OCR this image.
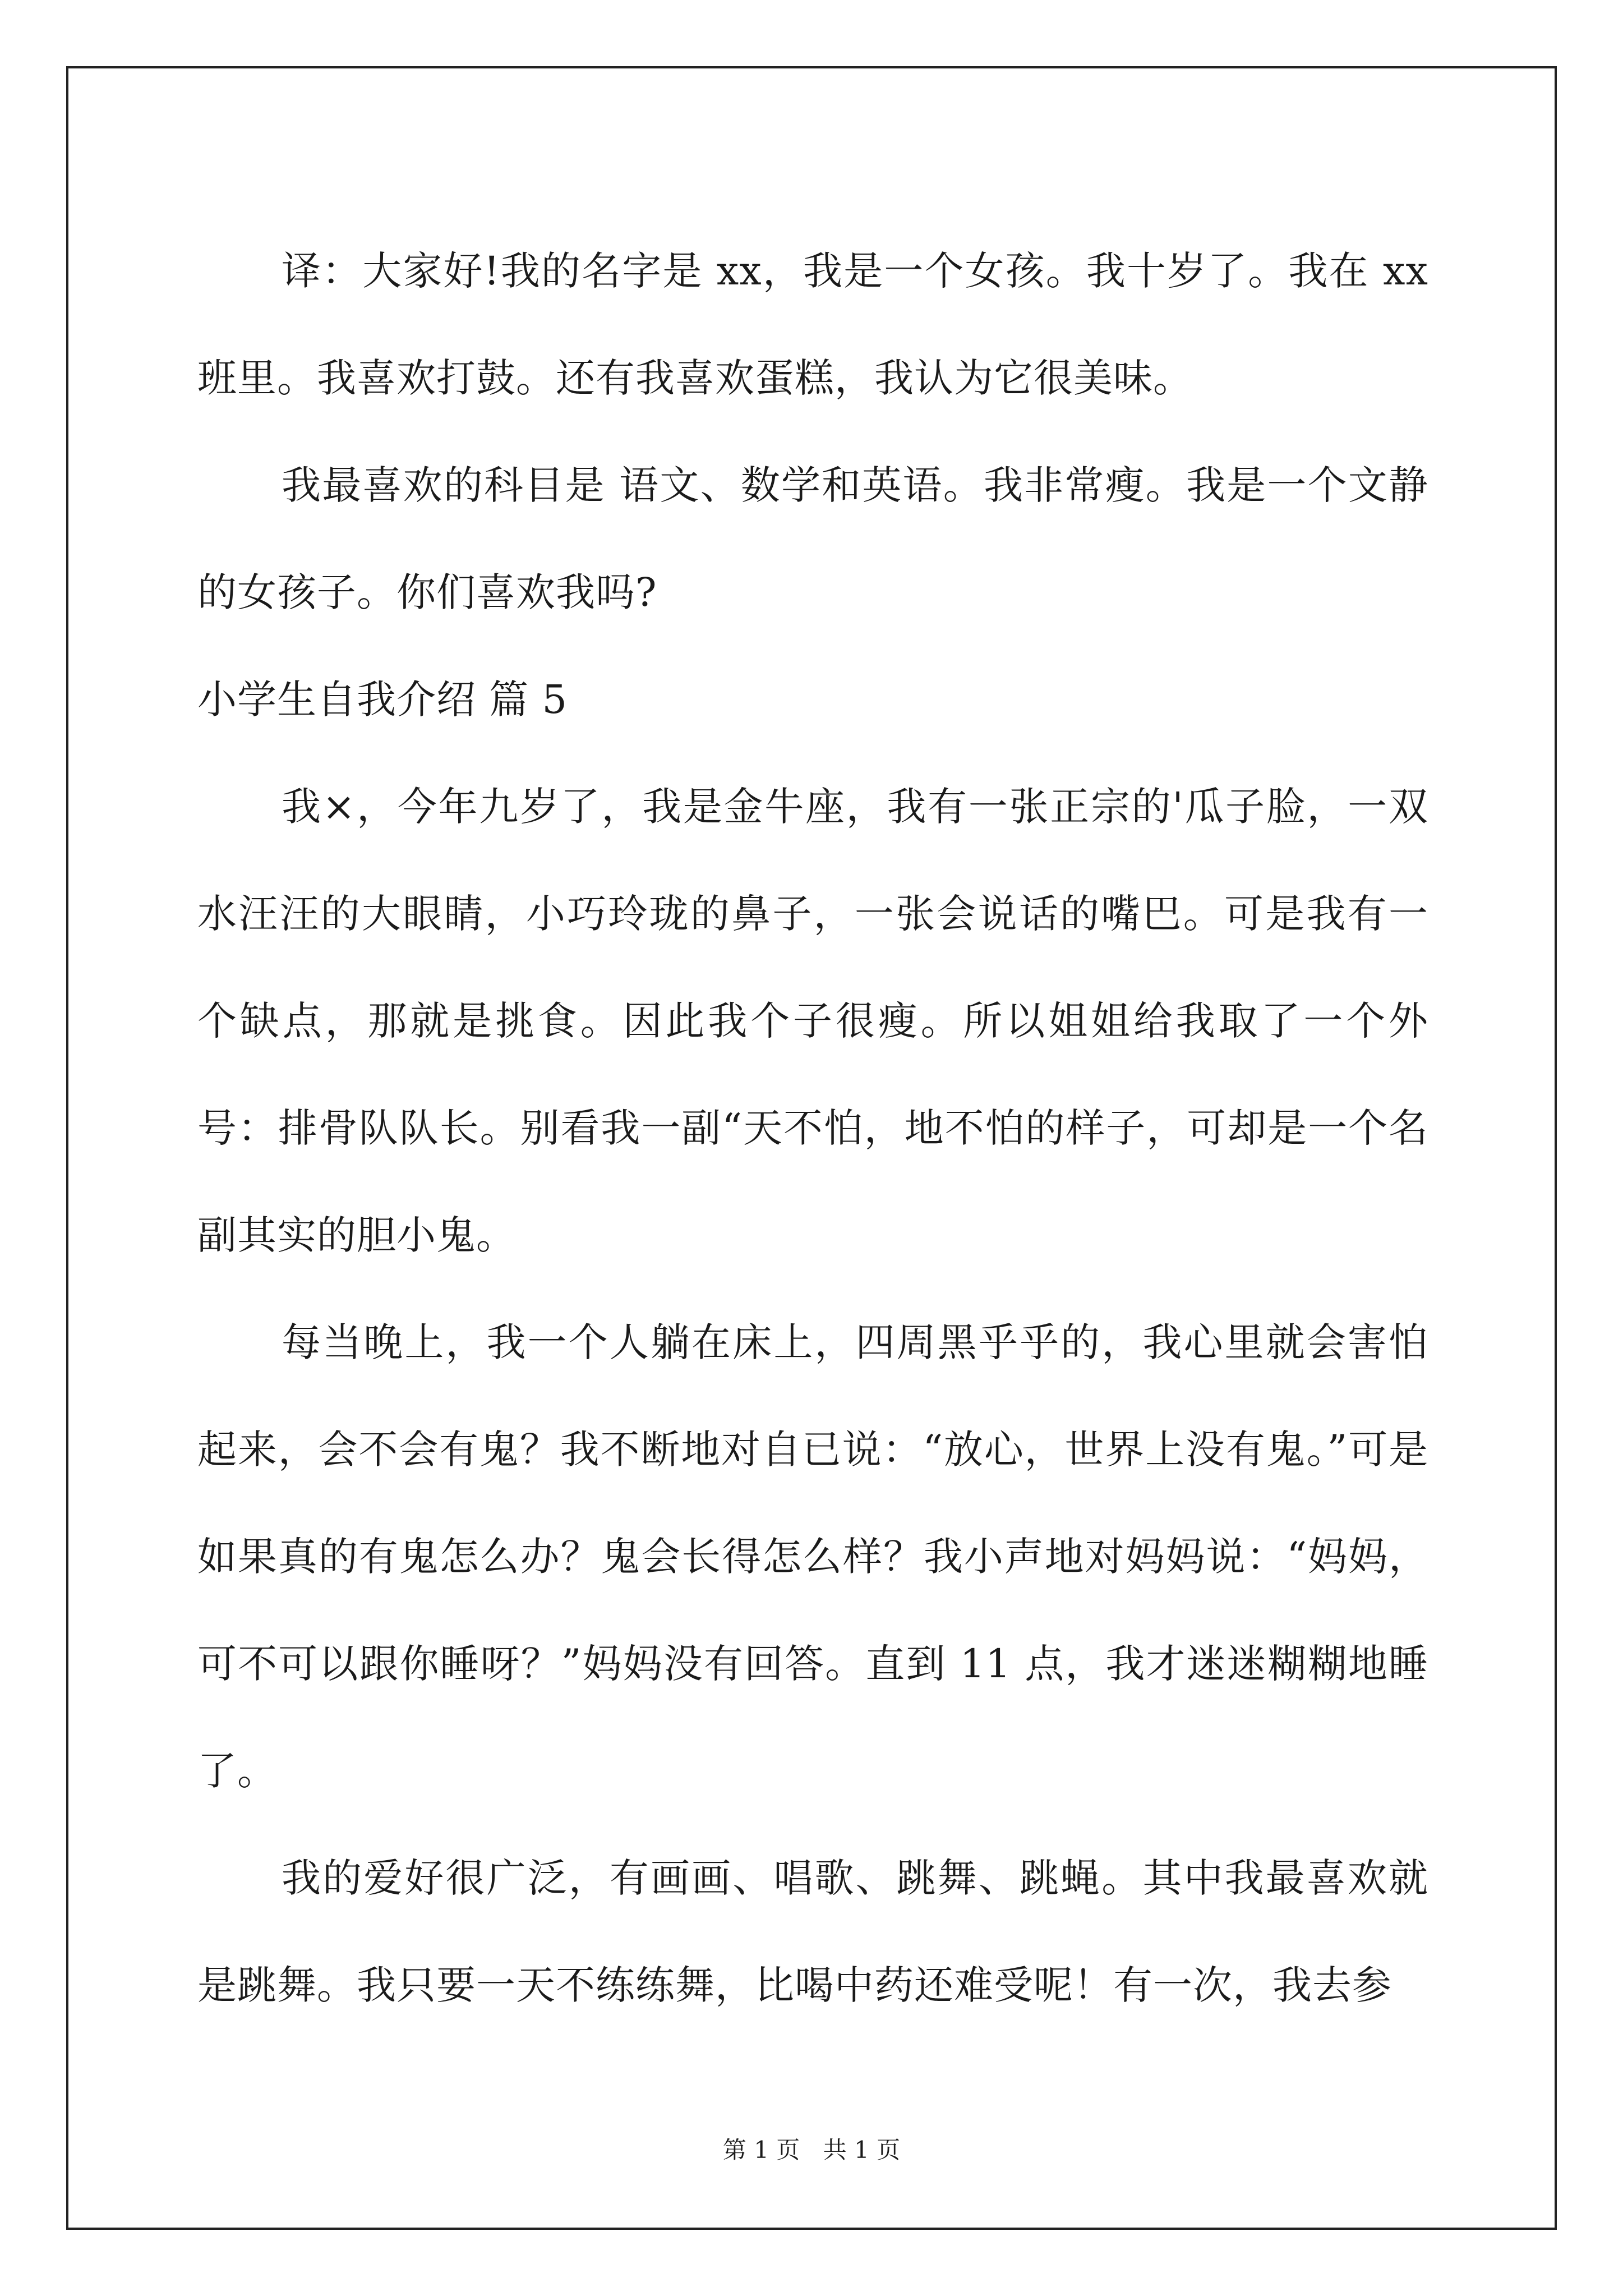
译：大家好!我的名字是 xx，我是一个女孩。我十岁了。我在 xx 班里。我喜欢打鼓。还有我喜欢蛋糕，我认为它很美味。

我最喜欢的科目是 语文、数学和英语。我非常瘦。我是一个文静的女孩子。你们喜欢我吗?

小学生自我介绍 篇 5

我×，今年九岁了，我是金牛座，我有一张正宗的'瓜子脸，一双水汪汪的大眼睛，小巧玲珑的鼻子，一张会说话的嘴巴。可是我有一个缺点，那就是挑食。因此我个子很瘦。所以姐姐给我取了一个外号：排骨队队长。别看我一副“天不怕，地不怕的样子，可却是一个名副其实的胆小鬼。

每当晚上，我一个人躺在床上，四周黑乎乎的，我心里就会害怕起来，会不会有鬼？我不断地对自已说：“放心，世界上没有鬼。”可是如果真的有鬼怎么办？鬼会长得怎么样？我小声地对妈妈说：“妈妈，可不可以跟你睡呀？”妈妈没有回答。直到 11 点，我才迷迷糊糊地睡了。

我的爱好很广泛，有画画、唱歌、跳舞、跳蝇。其中我最喜欢就是跳舞。我只要一天不练练舞，比喝中药还难受呢！有一次，我去参

第 1 页 共 1 页
